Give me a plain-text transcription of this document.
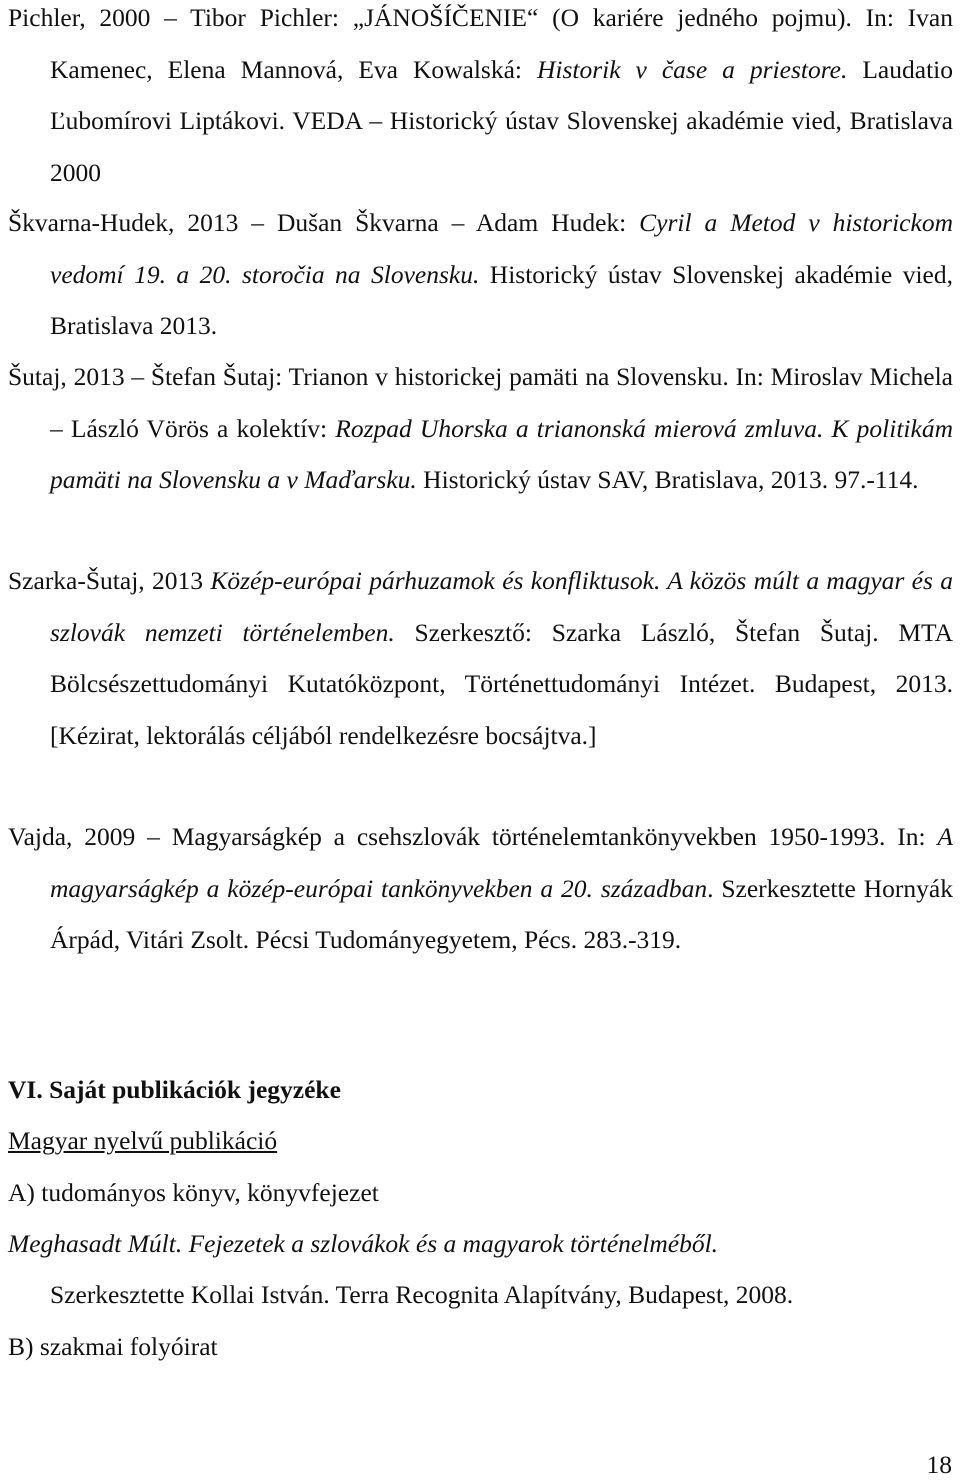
Pichler, 2000 – Tibor Pichler: „JÁNOŠÍČENIE“ (O kariére jedného pojmu). In: Ivan Kamenec, Elena Mannová, Eva Kowalská: Historik v čase a priestore. Laudatio Ľubomírovi Liptákovi. VEDA – Historický ústav Slovenskej akadémie vied, Bratislava 2000
Škvarna-Hudek, 2013 – Dušan Škvarna – Adam Hudek: Cyril a Metod v historickom vedomí 19. a 20. storočia na Slovensku. Historický ústav Slovenskej akadémie vied, Bratislava 2013.
Šutaj, 2013 – Štefan Šutaj: Trianon v historickej pamäti na Slovensku. In: Miroslav Michela – László Vörös a kolektív: Rozpad Uhorska a trianonská mierová zmluva. K politikám pamäti na Slovensku a v Maďarsku. Historický ústav SAV, Bratislava, 2013. 97.-114.
Szarka-Šutaj, 2013 Közép-európai párhuzamok és konfliktusok. A közös múlt a magyar és a szlovák nemzeti történelemben. Szerkesztő: Szarka László, Štefan Šutaj. MTA Bölcsészettudományi Kutatóközpont, Történettudományi Intézet. Budapest, 2013.[Kézirat, lektorálás céljából rendelkezésre bocsájtva.]
Vajda, 2009 – Magyarságkép a csehszlovák történelemtankönyvekben 1950-1993. In: A magyarságkép a közép-európai tankönyvekben a 20. században. Szerkesztette Hornyák Árpád, Vitári Zsolt. Pécsi Tudományegyetem, Pécs. 283.-319.
VI. Saját publikációk jegyzéke
Magyar nyelvű publikáció
A) tudományos könyv, könyvfejezet
Meghasadt Múlt. Fejezetek a szlovákok és a magyarok történelméből.
Szerkesztette Kollai István. Terra Recognita Alapítvány, Budapest, 2008.
B) szakmai folyóirat
18
